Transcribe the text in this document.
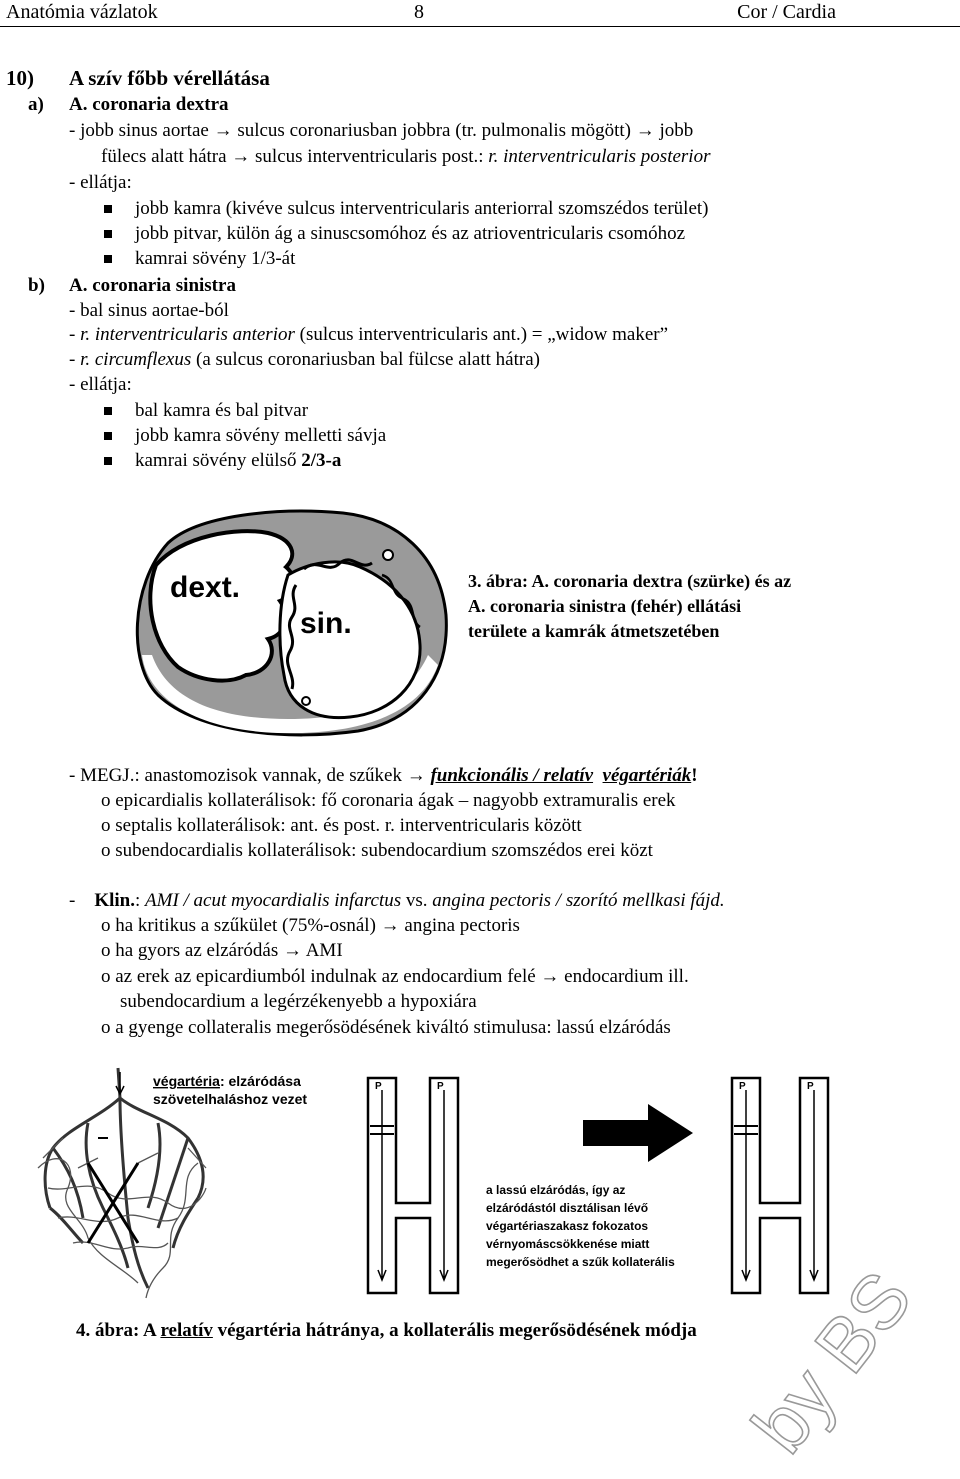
Anatómia vázlatok	8	Cor / Cardia
10) A szív főbb vérellátása
a) A. coronaria dextra
- jobb sinus aortae → sulcus coronariusban jobbra (tr. pulmonalis mögött) → jobb
fülecs alatt hátra → sulcus interventricularis post.: r. interventricularis posterior
- ellátja:
jobb kamra (kivéve sulcus interventricularis anteriorral szomszédos terület)
jobb pitvar, külön ág a sinuscsomóhoz és az atrioventricularis csomóhoz
kamrai sövény 1/3-át
b) A. coronaria sinistra
- bal sinus aortae-ból
- r. interventricularis anterior (sulcus interventricularis ant.) = „widow maker”
- r. circumflexus (a sulcus coronariusban bal fülcse alatt hátra)
- ellátja:
bal kamra és bal pitvar
jobb kamra sövény melletti sávja
kamrai sövény elülső 2/3-a
dext.
sin.
3. ábra: A. coronaria dextra (szürke) és az
A. coronaria sinistra (fehér) ellátási
területe a kamrák átmetszetében
- MEGJ.: anastomozisok vannak, de szűkek → funkcionális / relatív végartériák!
o epicardialis kollaterálisok: fő coronaria ágak – nagyobb extramuralis erek
o septalis kollaterálisok: ant. és post. r. interventricularis között
o subendocardialis kollaterálisok: subendocardium szomszédos erei közt
-    Klin.: AMI / acut myocardialis infarctus vs. angina pectoris / szorító mellkasi fájd.
o ha kritikus a szűkület (75%-osnál) → angina pectoris
o ha gyors az elzáródás → AMI
o az erek az epicardiumból indulnak az endocardium felé → endocardium ill.
subendocardium a legérzékenyebb a hypoxiára
o a gyenge collateralis megerősödésének kiváltó stimulusa: lassú elzáródás
végartéria: elzáródása
szövetelhaláshoz vezet
P	P	P	P
a lassú elzáródás, így az
elzáródástól disztálisan lévő
végartériaszakasz fokozatos
vérnyomáscsökkenése miatt
megerősödhet a szűk kollaterális
4. ábra: A relatív végartéria hátránya, a kollaterális megerősödésének módja by BS
